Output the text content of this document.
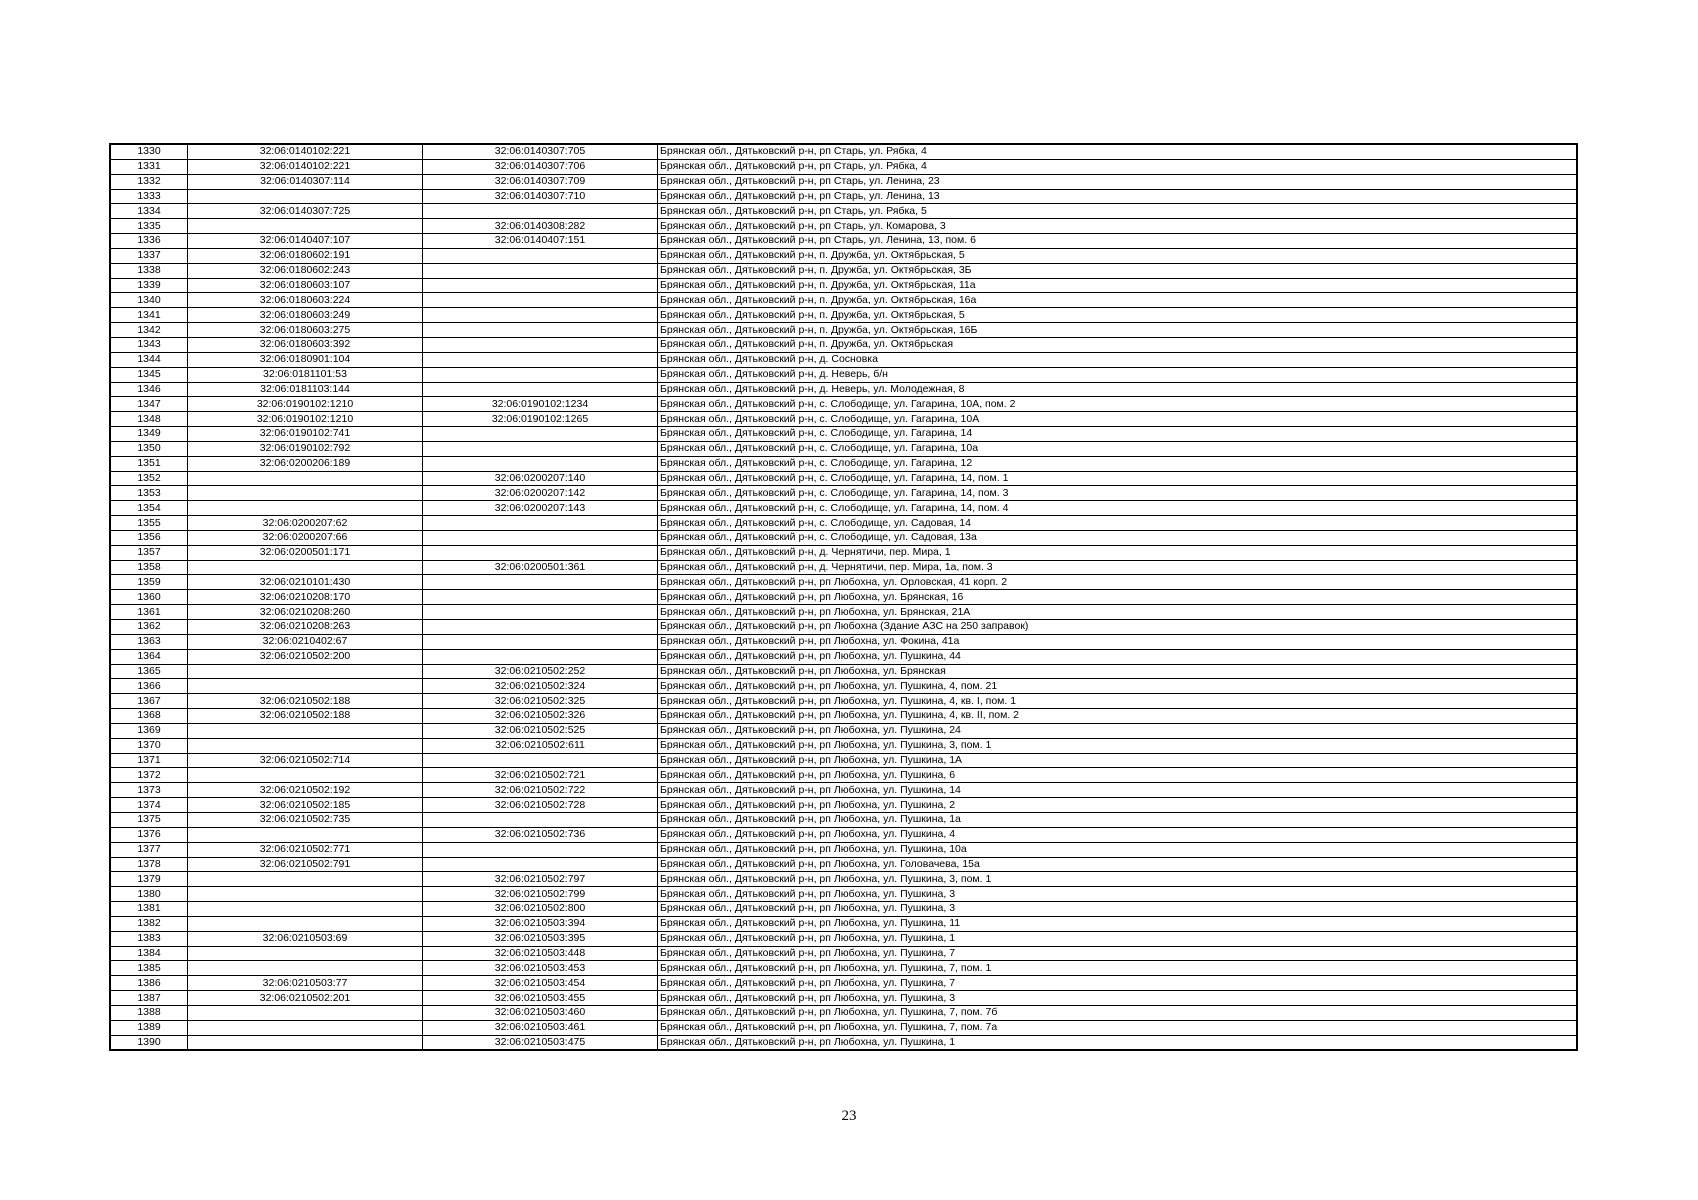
1330	32:06:0140102:221	32:06:0140307:705	Брянская обл., Дятьковский р-н, рп Старь, ул. Рябка, 4
1331	32:06:0140102:221	32:06:0140307:706	Брянская обл., Дятьковский р-н, рп Старь, ул. Рябка, 4
1332	32:06:0140307:114	32:06:0140307:709	Брянская обл., Дятьковский р-н, рп Старь, ул. Ленина, 23
1333		32:06:0140307:710	Брянская обл., Дятьковский р-н, рп Старь, ул. Ленина, 13
1334	32:06:0140307:725		Брянская обл., Дятьковский р-н, рп Старь, ул. Рябка, 5
1335		32:06:0140308:282	Брянская обл., Дятьковский р-н, рп Старь, ул. Комарова, 3
1336	32:06:0140407:107	32:06:0140407:151	Брянская обл., Дятьковский р-н, рп Старь, ул. Ленина, 13, пом. 6
1337	32:06:0180602:191		Брянская обл., Дятьковский р-н, п. Дружба, ул. Октябрьская, 5
1338	32:06:0180602:243		Брянская обл., Дятьковский р-н, п. Дружба, ул. Октябрьская, 3Б
1339	32:06:0180603:107		Брянская обл., Дятьковский р-н, п. Дружба, ул. Октябрьская, 11а
1340	32:06:0180603:224		Брянская обл., Дятьковский р-н, п. Дружба, ул. Октябрьская, 16а
1341	32:06:0180603:249		Брянская обл., Дятьковский р-н, п. Дружба, ул. Октябрьская, 5
1342	32:06:0180603:275		Брянская обл., Дятьковский р-н, п. Дружба, ул. Октябрьская, 16Б
1343	32:06:0180603:392		Брянская обл., Дятьковский р-н, п. Дружба, ул. Октябрьская
1344	32:06:0180901:104		Брянская обл., Дятьковский р-н, д. Сосновка
1345	32:06:0181101:53		Брянская обл., Дятьковский р-н, д. Неверь, б/н
1346	32:06:0181103:144		Брянская обл., Дятьковский р-н, д. Неверь, ул. Молодежная, 8
1347	32:06:0190102:1210	32:06:0190102:1234	Брянская обл., Дятьковский р-н, с. Слободище, ул. Гагарина, 10А, пом. 2
1348	32:06:0190102:1210	32:06:0190102:1265	Брянская обл., Дятьковский р-н, с. Слободище, ул. Гагарина, 10А
1349	32:06:0190102:741		Брянская обл., Дятьковский р-н, с. Слободище, ул. Гагарина, 14
1350	32:06:0190102:792		Брянская обл., Дятьковский р-н, с. Слободище, ул. Гагарина, 10а
1351	32:06:0200206:189		Брянская обл., Дятьковский р-н, с. Слободище, ул. Гагарина, 12
1352		32:06:0200207:140	Брянская обл., Дятьковский р-н, с. Слободище, ул. Гагарина, 14, пом. 1
1353		32:06:0200207:142	Брянская обл., Дятьковский р-н, с. Слободище, ул. Гагарина, 14, пом. 3
1354		32:06:0200207:143	Брянская обл., Дятьковский р-н, с. Слободище, ул. Гагарина, 14, пом. 4
1355	32:06:0200207:62		Брянская обл., Дятьковский р-н, с. Слободище, ул. Садовая, 14
1356	32:06:0200207:66		Брянская обл., Дятьковский р-н, с. Слободище, ул. Садовая, 13а
1357	32:06:0200501:171		Брянская обл., Дятьковский р-н, д. Чернятичи, пер. Мира, 1
1358		32:06:0200501:361	Брянская обл., Дятьковский р-н, д. Чернятичи, пер. Мира, 1а, пом. 3
1359	32:06:0210101:430		Брянская обл., Дятьковский р-н, рп Любохна, ул. Орловская, 41 корп. 2
1360	32:06:0210208:170		Брянская обл., Дятьковский р-н, рп Любохна, ул. Брянская, 16
1361	32:06:0210208:260		Брянская обл., Дятьковский р-н, рп Любохна, ул. Брянская, 21А
1362	32:06:0210208:263		Брянская обл., Дятьковский р-н, рп Любохна (Здание АЗС на 250 заправок)
1363	32:06:0210402:67		Брянская обл., Дятьковский р-н, рп Любохна, ул. Фокина, 41а
1364	32:06:0210502:200		Брянская обл., Дятьковский р-н, рп Любохна, ул. Пушкина, 44
1365		32:06:0210502:252	Брянская обл., Дятьковский р-н, рп Любохна, ул. Брянская
1366		32:06:0210502:324	Брянская обл., Дятьковский р-н, рп Любохна, ул. Пушкина, 4, пом. 21
1367	32:06:0210502:188	32:06:0210502:325	Брянская обл., Дятьковский р-н, рп Любохна, ул. Пушкина, 4, кв. I, пом. 1
1368	32:06:0210502:188	32:06:0210502:326	Брянская обл., Дятьковский р-н, рп Любохна, ул. Пушкина, 4, кв. II, пом. 2
1369		32:06:0210502:525	Брянская обл., Дятьковский р-н, рп Любохна, ул. Пушкина, 24
1370		32:06:0210502:611	Брянская обл., Дятьковский р-н, рп Любохна, ул. Пушкина, 3, пом. 1
1371	32:06:0210502:714		Брянская обл., Дятьковский р-н, рп Любохна, ул. Пушкина, 1А
1372		32:06:0210502:721	Брянская обл., Дятьковский р-н, рп Любохна, ул. Пушкина, 6
1373	32:06:0210502:192	32:06:0210502:722	Брянская обл., Дятьковский р-н, рп Любохна, ул. Пушкина, 14
1374	32:06:0210502:185	32:06:0210502:728	Брянская обл., Дятьковский р-н, рп Любохна, ул. Пушкина, 2
1375	32:06:0210502:735		Брянская обл., Дятьковский р-н, рп Любохна, ул. Пушкина, 1а
1376		32:06:0210502:736	Брянская обл., Дятьковский р-н, рп Любохна, ул. Пушкина, 4
1377	32:06:0210502:771		Брянская обл., Дятьковский р-н, рп Любохна, ул. Пушкина, 10а
1378	32:06:0210502:791		Брянская обл., Дятьковский р-н, рп Любохна, ул. Головачева, 15а
1379		32:06:0210502:797	Брянская обл., Дятьковский р-н, рп Любохна, ул. Пушкина, 3, пом. 1
1380		32:06:0210502:799	Брянская обл., Дятьковский р-н, рп Любохна, ул. Пушкина, 3
1381		32:06:0210502:800	Брянская обл., Дятьковский р-н, рп Любохна, ул. Пушкина, 3
1382		32:06:0210503:394	Брянская обл., Дятьковский р-н, рп Любохна, ул. Пушкина, 11
1383	32:06:0210503:69	32:06:0210503:395	Брянская обл., Дятьковский р-н, рп Любохна, ул. Пушкина, 1
1384		32:06:0210503:448	Брянская обл., Дятьковский р-н, рп Любохна, ул. Пушкина, 7
1385		32:06:0210503:453	Брянская обл., Дятьковский р-н, рп Любохна, ул. Пушкина, 7, пом. 1
1386	32:06:0210503:77	32:06:0210503:454	Брянская обл., Дятьковский р-н, рп Любохна, ул. Пушкина, 7
1387	32:06:0210502:201	32:06:0210503:455	Брянская обл., Дятьковский р-н, рп Любохна, ул. Пушкина, 3
1388		32:06:0210503:460	Брянская обл., Дятьковский р-н, рп Любохна, ул. Пушкина, 7, пом. 7б
1389		32:06:0210503:461	Брянская обл., Дятьковский р-н, рп Любохна, ул. Пушкина, 7, пом. 7а
1390		32:06:0210503:475	Брянская обл., Дятьковский р-н, рп Любохна, ул. Пушкина, 1
23
